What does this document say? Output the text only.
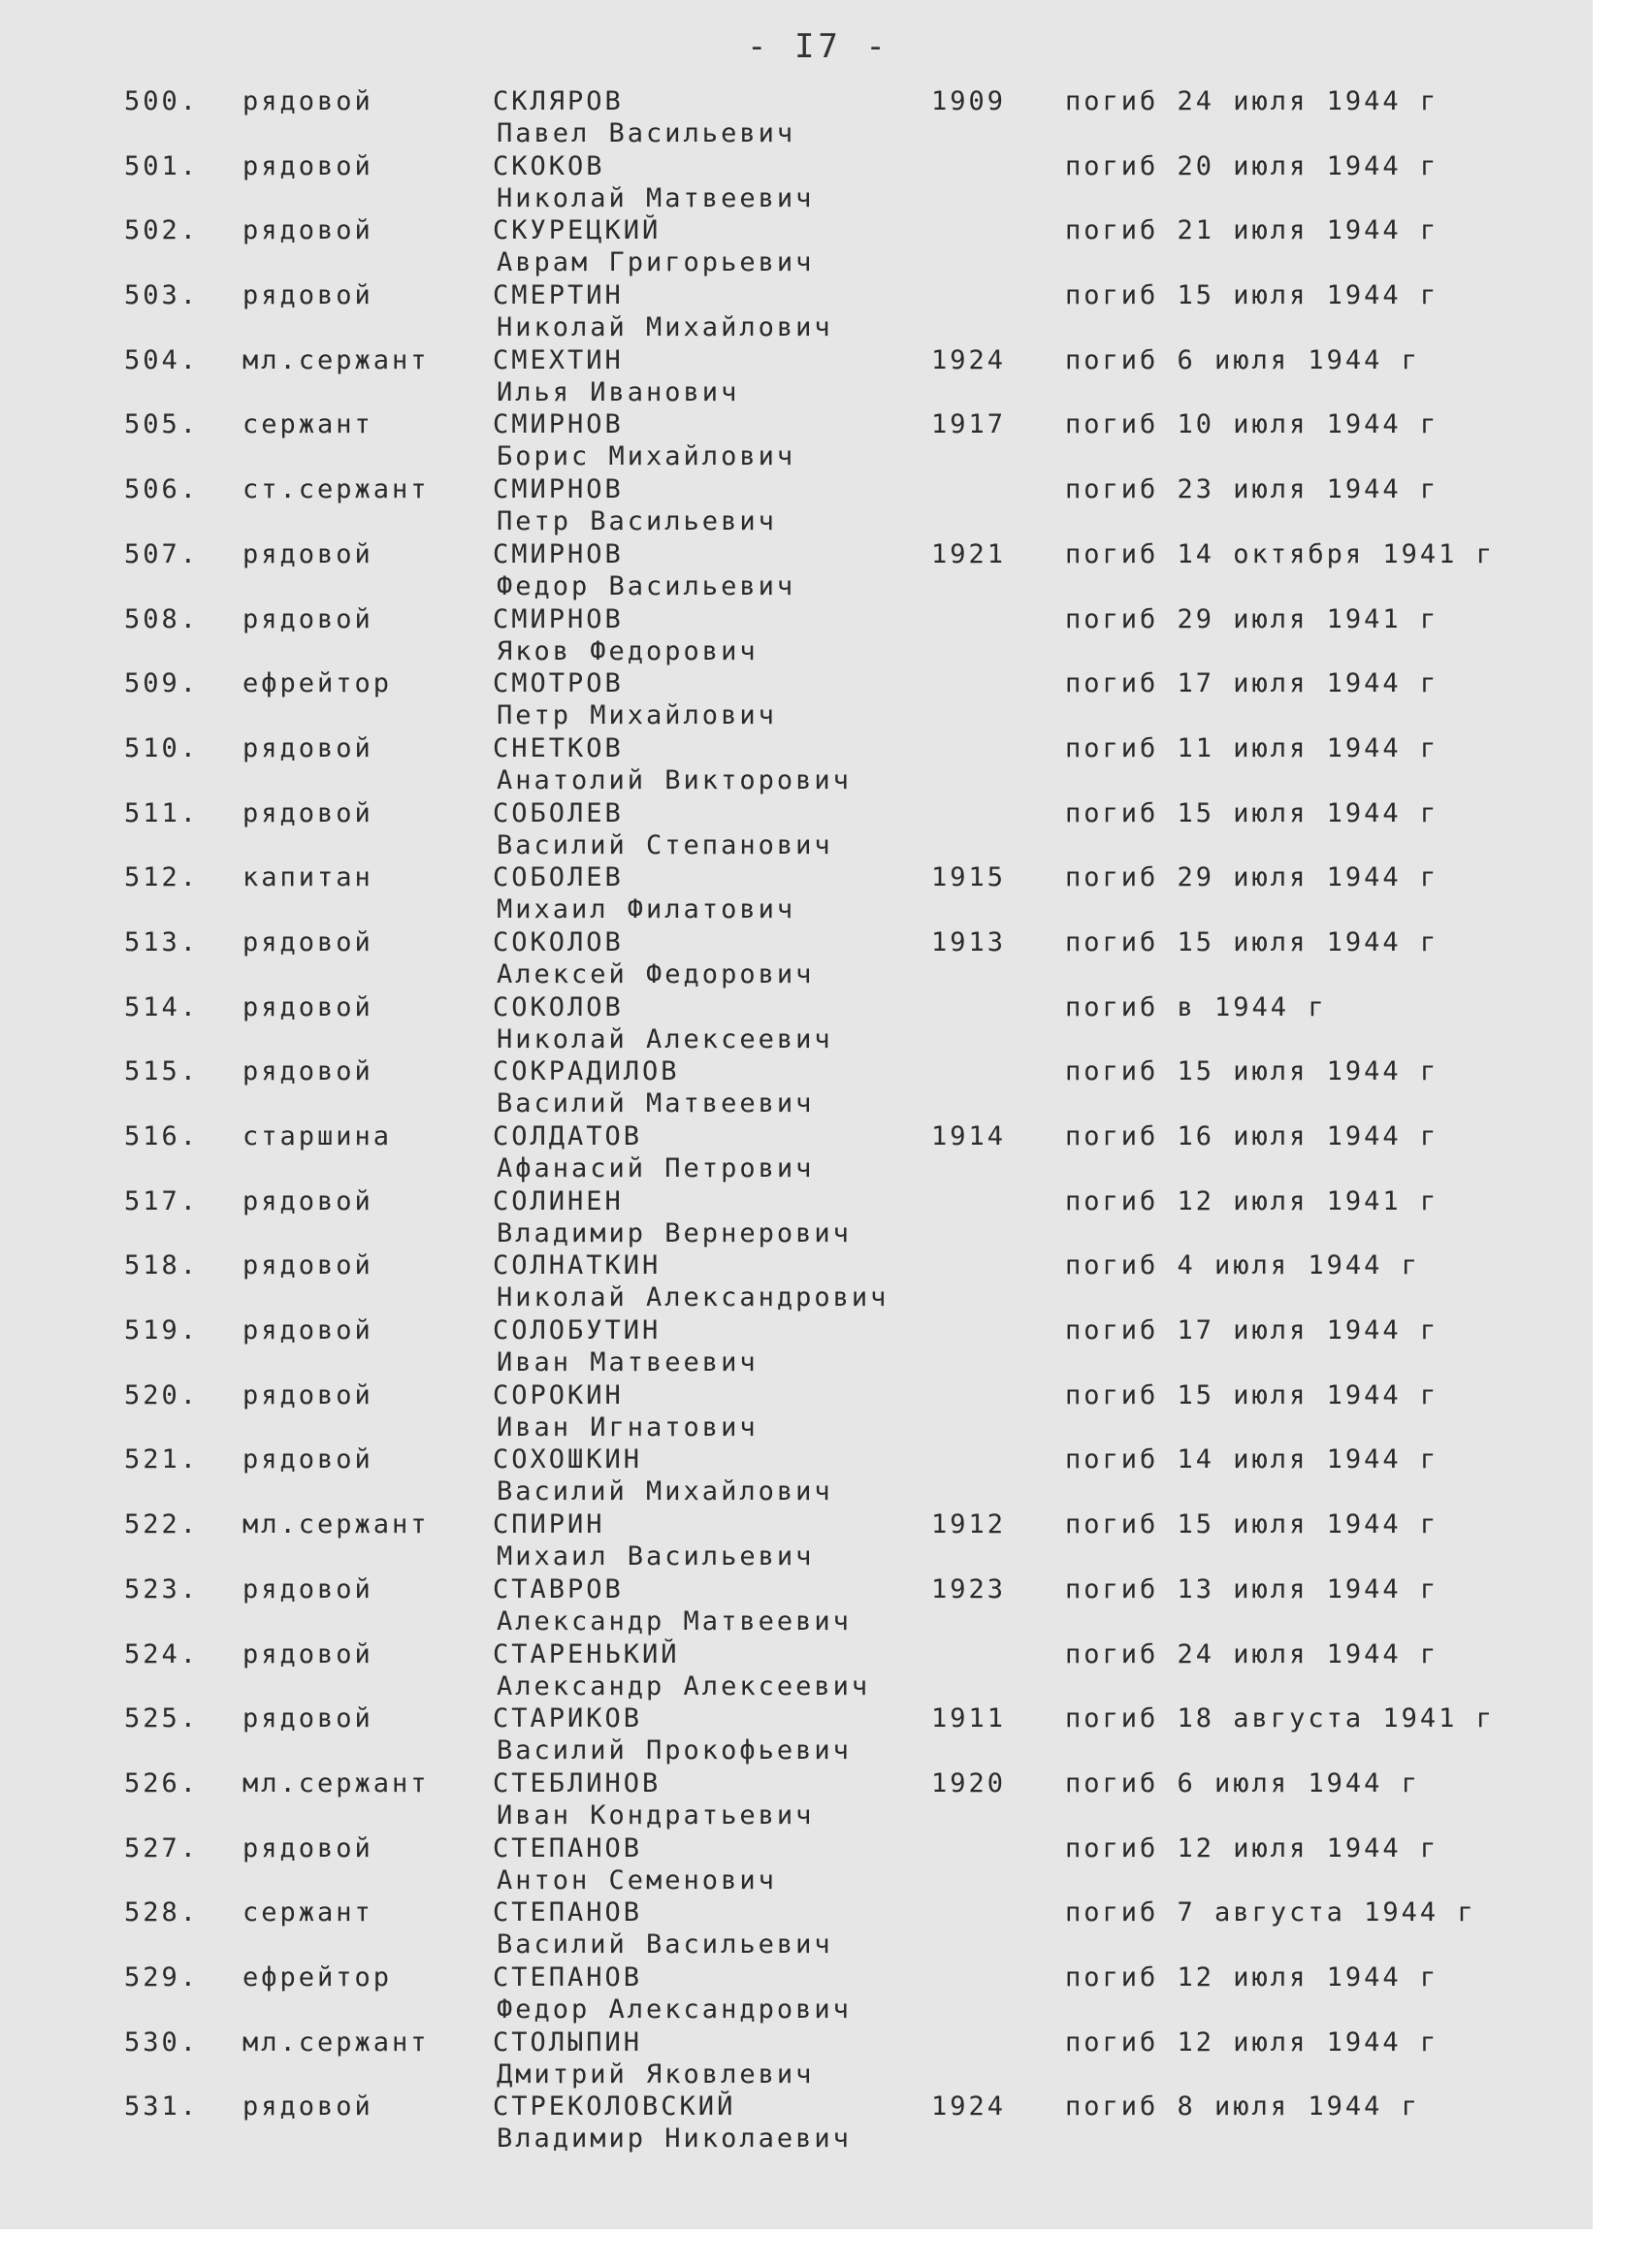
- I7 -
500. рядовой	СКЛЯРОВ	1909 погиб 24 июля 1944 г
Павел Васильевич
501. рядовой	СКОКОВ	погиб 20 июля 1944 г
Николай Матвеевич
502. рядовой	СКУРЕЦКИЙ	погиб 21 июля 1944 г
Аврам Григорьевич
503. рядовой	СМЕРТИН	погиб 15 июля 1944 г
Николай Михайлович
504. мл.сержант СМЕХТИН	1924 погиб 6 июля 1944 г
Илья Иванович
505. сержант	СМИРНОВ	1917 погиб 10 июля 1944 г
Борис Михайлович
506. ст.сержант СМИРНОВ	погиб 23 июля 1944 г
Петр Васильевич
507. рядовой	СМИРНОВ	1921 погиб 14 октября 1941 г
Федор Васильевич
508. рядовой	СМИРНОВ	погиб 29 июля 1941 г
Яков Федорович
509. ефрейтор	СМОТРОВ	погиб 17 июля 1944 г
Петр Михайлович
510. рядовой	СНЕТКОВ	погиб 11 июля 1944 г
Анатолий Викторович
511. рядовой	СОБОЛЕВ	погиб 15 июля 1944 г
Василий Степанович
512. капитан	СОБОЛЕВ	1915 погиб 29 июля 1944 г
Михаил Филатович
513. рядовой	СОКОЛОВ	1913 погиб 15 июля 1944 г
Алексей Федорович
514. рядовой	СОКОЛОВ	погиб в 1944 г
Николай Алексеевич
515. рядовой	СОКРАДИЛОВ	погиб 15 июля 1944 г
Василий Матвеевич
516. старшина	СОЛДАТОВ	1914 погиб 16 июля 1944 г
Афанасий Петрович
517. рядовой	СОЛИНЕН	погиб 12 июля 1941 г
Владимир Вернерович
518. рядовой	СОЛНАТКИН	погиб 4 июля 1944 г
Николай Александрович
519. рядовой	СОЛОБУТИН	погиб 17 июля 1944 г
Иван Матвеевич
520. рядовой	СОРОКИН	погиб 15 июля 1944 г
Иван Игнатович
521. рядовой	СОХОШКИН	погиб 14 июля 1944 г
Василий Михайлович
522. мл.сержант СПИРИН	1912 погиб 15 июля 1944 г
Михаил Васильевич
523. рядовой	СТАВРОВ	1923 погиб 13 июля 1944 г
Александр Матвеевич
524. рядовой	СТАРЕНЬКИЙ	погиб 24 июля 1944 г
Александр Алексеевич
525. рядовой	СТАРИКОВ	1911 погиб 18 августа 1941 г
Василий Прокофьевич
526. мл.сержант СТЕБЛИНОВ	1920 погиб 6 июля 1944 г
Иван Кондратьевич
527. рядовой	СТЕПАНОВ	погиб 12 июля 1944 г
Антон Семенович
528. сержант	СТЕПАНОВ	погиб 7 августа 1944 г
Василий Васильевич
529. ефрейтор	СТЕПАНОВ	погиб 12 июля 1944 г
Федор Александрович
530. мл.сержант СТОЛЫПИН	погиб 12 июля 1944 г
Дмитрий Яковлевич
531. рядовой	СТРЕКОЛОВСКИЙ	1924 погиб 8 июля 1944 г
Владимир Николаевич
